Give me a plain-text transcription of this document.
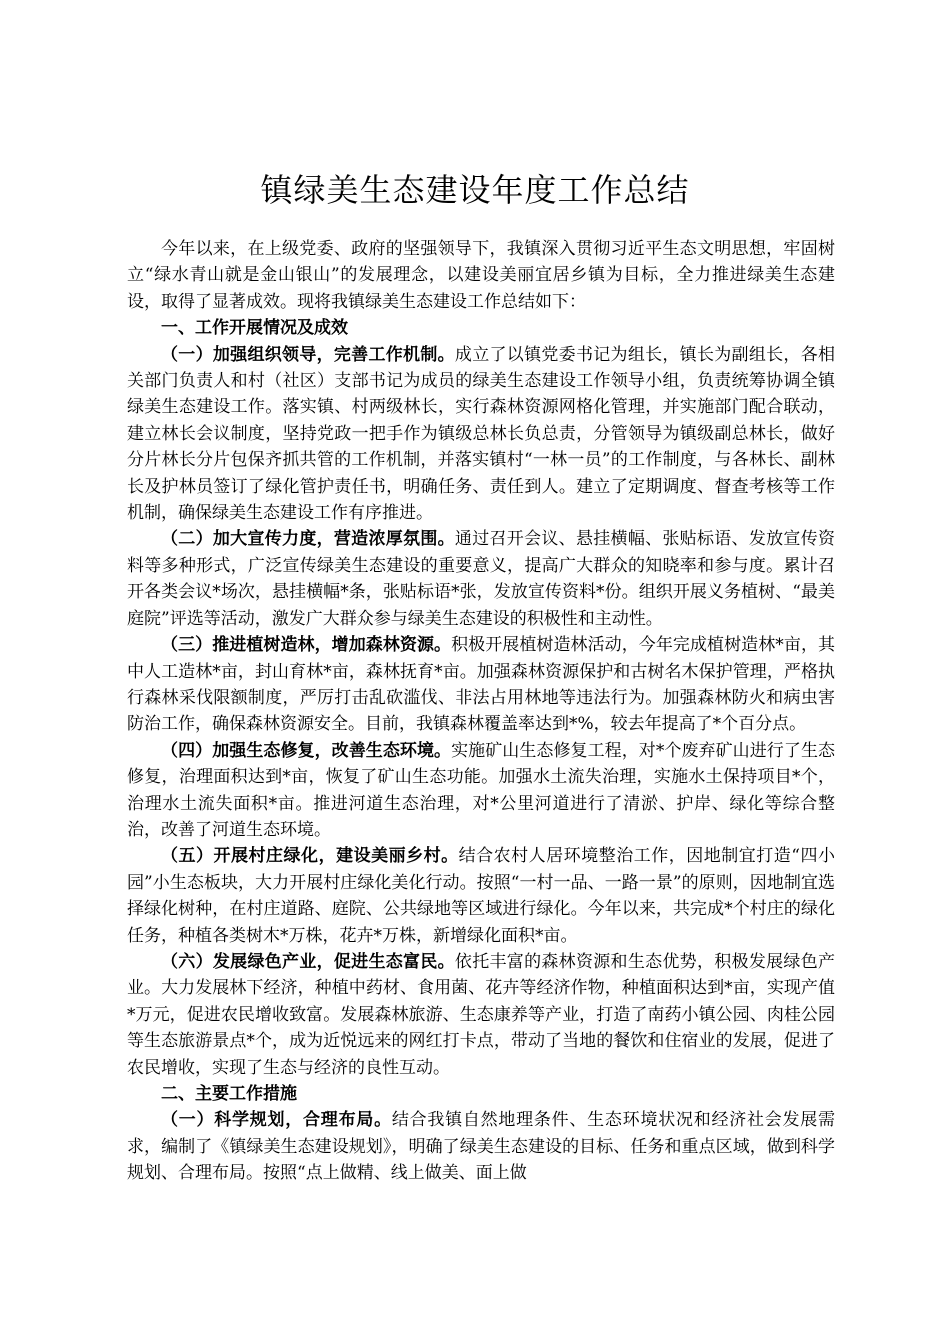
镇绿美生态建设年度工作总结

今年以来，在上级党委、政府的坚强领导下，我镇深入贯彻习近平生态文明思想，牢固树立“绿水青山就是金山银山”的发展理念，以建设美丽宜居乡镇为目标，全力推进绿美生态建设，取得了显著成效。现将我镇绿美生态建设工作总结如下：

一、工作开展情况及成效

（一）加强组织领导，完善工作机制。成立了以镇党委书记为组长，镇长为副组长，各相关部门负责人和村（社区）支部书记为成员的绿美生态建设工作领导小组，负责统筹协调全镇绿美生态建设工作。落实镇、村两级林长，实行森林资源网格化管理，并实施部门配合联动，建立林长会议制度，坚持党政一把手作为镇级总林长负总责，分管领导为镇级副总林长，做好分片林长分片包保齐抓共管的工作机制，并落实镇村“一林一员”的工作制度，与各林长、副林长及护林员签订了绿化管护责任书，明确任务、责任到人。建立了定期调度、督查考核等工作机制，确保绿美生态建设工作有序推进。

（二）加大宣传力度，营造浓厚氛围。通过召开会议、悬挂横幅、张贴标语、发放宣传资料等多种形式，广泛宣传绿美生态建设的重要意义，提高广大群众的知晓率和参与度。累计召开各类会议*场次，悬挂横幅*条，张贴标语*张，发放宣传资料*份。组织开展义务植树、“最美庭院”评选等活动，激发广大群众参与绿美生态建设的积极性和主动性。

（三）推进植树造林，增加森林资源。积极开展植树造林活动，今年完成植树造林*亩，其中人工造林*亩，封山育林*亩，森林抚育*亩。加强森林资源保护和古树名木保护管理，严格执行森林采伐限额制度，严厉打击乱砍滥伐、非法占用林地等违法行为。加强森林防火和病虫害防治工作，确保森林资源安全。目前，我镇森林覆盖率达到*%，较去年提高了*个百分点。

（四）加强生态修复，改善生态环境。实施矿山生态修复工程，对*个废弃矿山进行了生态修复，治理面积达到*亩，恢复了矿山生态功能。加强水土流失治理，实施水土保持项目*个，治理水土流失面积*亩。推进河道生态治理，对*公里河道进行了清淤、护岸、绿化等综合整治，改善了河道生态环境。

（五）开展村庄绿化，建设美丽乡村。结合农村人居环境整治工作，因地制宜打造“四小园”小生态板块，大力开展村庄绿化美化行动。按照“一村一品、一路一景”的原则，因地制宜选择绿化树种，在村庄道路、庭院、公共绿地等区域进行绿化。今年以来，共完成*个村庄的绿化任务，种植各类树木*万株，花卉*万株，新增绿化面积*亩。

（六）发展绿色产业，促进生态富民。依托丰富的森林资源和生态优势，积极发展绿色产业。大力发展林下经济，种植中药材、食用菌、花卉等经济作物，种植面积达到*亩，实现产值*万元，促进农民增收致富。发展森林旅游、生态康养等产业，打造了南药小镇公园、肉桂公园等生态旅游景点*个，成为近悦远来的网红打卡点，带动了当地的餐饮和住宿业的发展，促进了农民增收，实现了生态与经济的良性互动。

二、主要工作措施

（一）科学规划，合理布局。结合我镇自然地理条件、生态环境状况和经济社会发展需求，编制了《镇绿美生态建设规划》，明确了绿美生态建设的目标、任务和重点区域，做到科学规划、合理布局。按照“点上做精、线上做美、面上做
